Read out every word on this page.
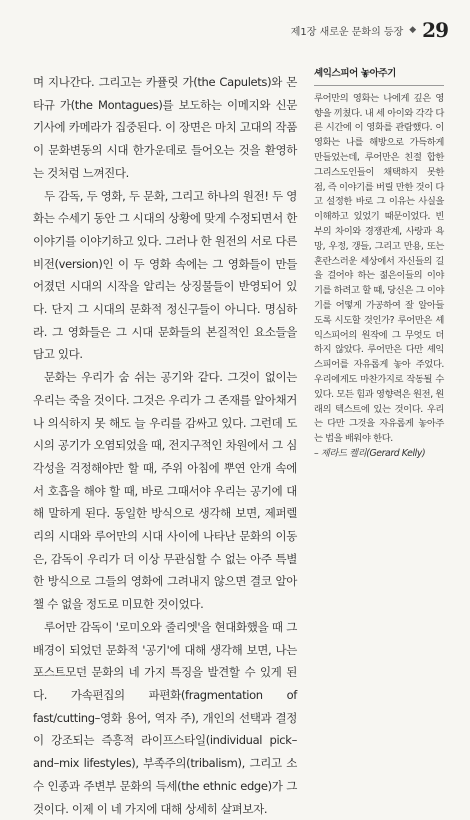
제1장 새로운 문화의 등장 ◆ 29

며 지나간다. 그리고는 카퓰릿 가(the Capulets)와 몬타규 가(the Montagues)를 보도하는 이메지와 신문 기사에 카메라가 집중된다. 이 장면은 마치 고대의 작품이 문화변동의 시대 한가운데로 들어오는 것을 환영하는 것처럼 느껴진다.

두 감독, 두 영화, 두 문화, 그리고 하나의 원전! 두 영화는 수세기 동안 그 시대의 상황에 맞게 수정되면서 한 이야기를 이야기하고 있다. 그러나 한 원전의 서로 다른 비전(version)인 이 두 영화 속에는 그 영화들이 만들어졌던 시대의 시작을 알리는 상징물들이 반영되어 있다. 단지 그 시대의 문화적 정신구들이 아니다. 명심하라. 그 영화들은 그 시대 문화들의 본질적인 요소들을 담고 있다.

문화는 우리가 숨 쉬는 공기와 같다. 그것이 없이는 우리는 죽을 것이다. 그것은 우리가 그 존재를 알아채거나 의식하지 못 해도 늘 우리를 감싸고 있다. 그런데 도시의 공기가 오염되었을 때, 전지구적인 차원에서 그 심각성을 걱정해야만 할 때, 주위 아침에 뿌연 안개 속에서 호흡을 해야 할 때, 바로 그때서야 우리는 공기에 대해 말하게 된다. 동일한 방식으로 생각해 보면, 제퍼렐리의 시대와 루어만의 시대 사이에 나타난 문화의 이동은, 감독이 우리가 더 이상 무관심할 수 없는 아주 특별한 방식으로 그들의 영화에 그려내지 않으면 결코 알아챌 수 없을 정도로 미묘한 것이었다.

루어만 감독이 '로미오와 줄리엣'을 현대화했을 때 그 배경이 되었던 문화적 '공기'에 대해 생각해 보면, 나는 포스트모던 문화의 네 가지 특징을 발견할 수 있게 된다. 가속편집의 파편화(fragmentation of fast/cutting–영화 용어, 역자 주), 개인의 선택과 결정이 강조되는 즉흥적 라이프스타일(individual pick–and–mix lifestyles), 부족주의(tribalism), 그리고 소수 인종과 주변부 문화의 득세(the ethnic edge)가 그것이다. 이제 이 네 가지에 대해 상세히 살펴보자.

셰익스피어 놓아주기
루어만의 영화는 나에게 깊은 영향을 끼쳤다. 내 세 아이와 각각 다른 시간에 이 영화를 관람했다. 이 영화는 나를 해방으로 가득하게 만들었는데, 루어만은 친절 합한 그리스도인들이 채택하지 못한 점, 즉 이야기를 버릴 만한 것이 다고 설정한 바로 그 이유는 사실을 이해하고 있었기 때문이었다. 빈부의 차이와 경쟁관계, 사랑과 욕망, 우정, 갱들, 그리고 만용, 또는 혼란스러운 세상에서 자신들의 길을 걸어야 하는 젊은이들의 이야기를 하려고 할 때, 당신은 그 이야기를 어떻게 가공하여 잘 알아들도록 시도할 것인가? 루어만은 셰익스피어의 원작에 그 무엇도 더하지 않았다. 루어만은 다만 셰익스피어를 자유롭게 놓아 주었다. 우리에게도 마찬가지로 작동될 수 있다. 모든 힘과 영향력은 원전, 원래의 텍스트에 있는 것이다. 우리는 다만 그것을 자유롭게 놓아주는 법을 배워야 한다.
– 제라드 켈리(Gerard Kelly)
